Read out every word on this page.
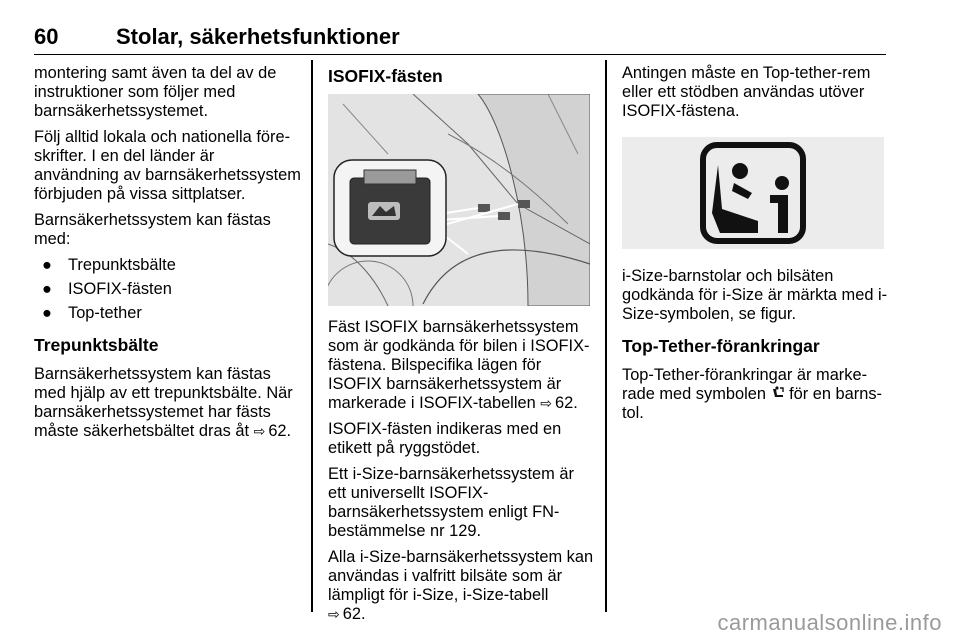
60	Stolar, säkerhetsfunktioner

montering samt även ta del av de instruktioner som följer med barnsäkerhetssystemet.

Följ alltid lokala och nationella föreskrifter. I en del länder är användning av barnsäkerhetssystem förbjuden på vissa sittplatser.

Barnsäkerhetssystem kan fästas med:

● Trepunktsbälte
● ISOFIX-fästen
● Top-tether
Trepunktsbälte

Barnsäkerhetssystem kan fästas med hjälp av ett trepunktsbälte. När barnsäkerhetssystemet har fästs måste säkerhetsbältet dras åt ⇨ 62.

ISOFIX-fästen

Fäst ISOFIX barnsäkerhetssystem som är godkända för bilen i ISOFIX-fästena. Bilspecifika lägen för ISOFIX barnsäkerhetssystem är markerade i ISOFIX-tabellen ⇨ 62.

ISOFIX-fästen indikeras med en etikett på ryggstödet.

Ett i-Size-barnsäkerhetssystem är ett universellt ISOFIX-barnsäkerhetssystem enligt FN-bestämmelse nr 129.

Alla i-Size-barnsäkerhetssystem kan användas i valfritt bilsäte som är lämpligt för i-Size, i-Size-tabell
⇨ 62.

Antingen måste en Top-tether-rem eller ett stödben användas utöver ISOFIX-fästena.

i-Size-barnstolar och bilsäten godkända för i-Size är märkta med i-Size-symbolen, se figur.

Top-Tether-förankringar

Top-Tether-förankringar är markerade med symbolen för en barnstol.

carmanualsonline.info
